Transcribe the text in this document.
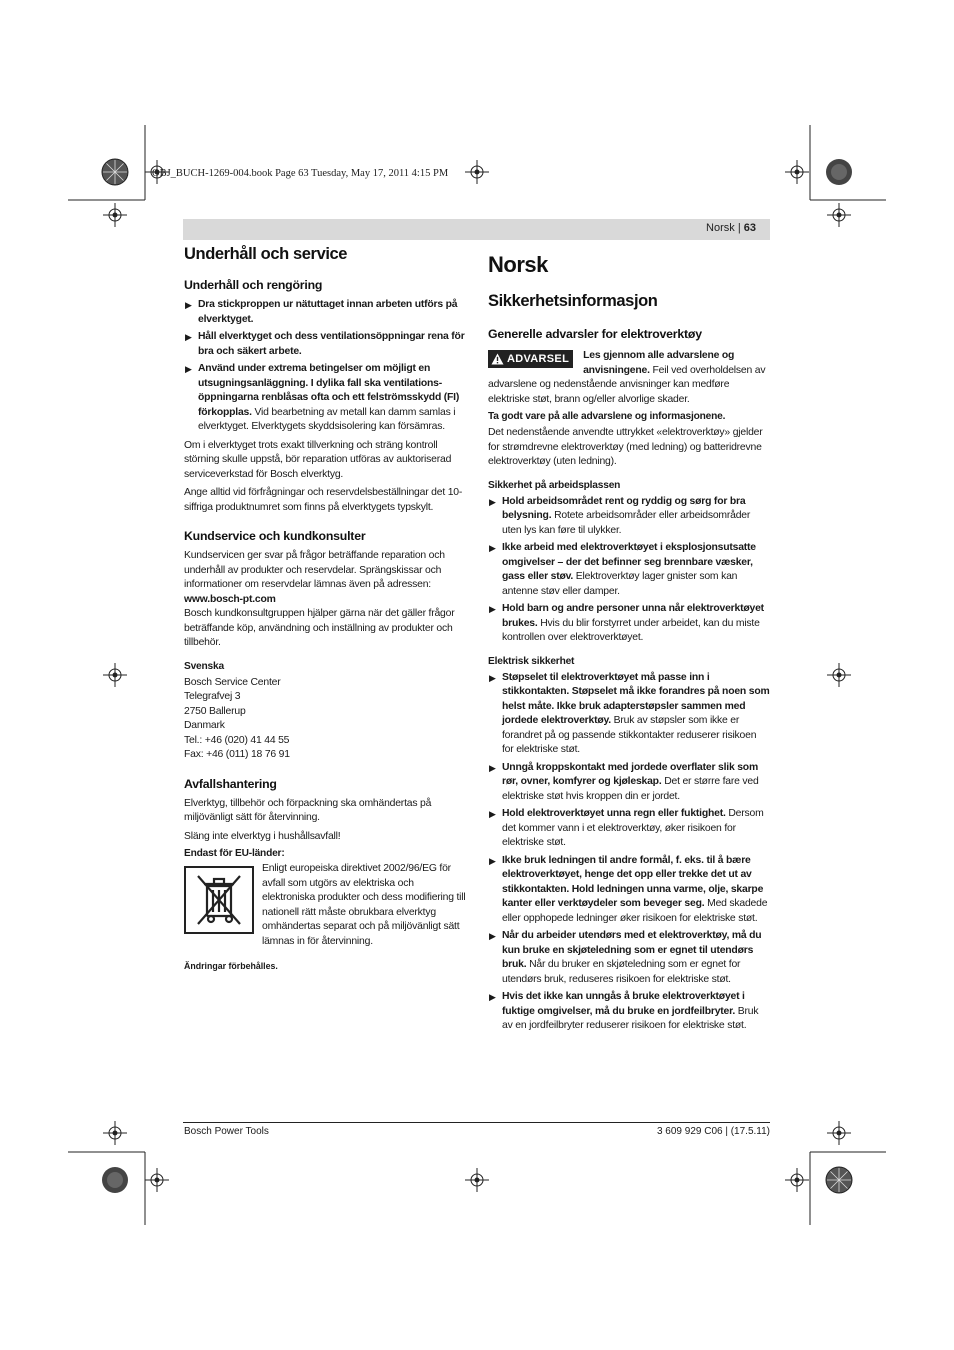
OBJ_BUCH-1269-004.book Page 63 Tuesday, May 17, 2011 4:15 PM
Norsk | 63
Underhåll och service
Underhåll och rengöring

▶ Dra stickproppen ur nätuttaget innan arbeten utförs på elverktyget.

▶ Håll elverktyget och dess ventilationsöppningar rena för bra och säkert arbete.

▶ Använd under extrema betingelser om möjligt en utsugningsanläggning. I dylika fall ska ventilations-öppningarna renblåsas ofta och ett felströmsskydd (FI) förkopplas. Vid bearbetning av metall kan damm samlas i elverktyget. Elverktygets skyddsisolering kan försämras.

Om i elverktyget trots exakt tillverkning och sträng kontroll störning skulle uppstå, bör reparation utföras av auktoriserad serviceverkstad för Bosch elverktyg.

Ange alltid vid förfrågningar och reservdelsbeställningar det 10-siffriga produktnumret som finns på elverktygets typskylt.

Kundservice och kundkonsulter

Kundservicen ger svar på frågor beträffande reparation och underhåll av produkter och reservdelar. Sprängskissar och informationer om reservdelar lämnas även på adressen:

www.bosch-pt.com

Bosch kundkonsultgruppen hjälper gärna när det gäller frågor beträffande köp, användning och inställning av produkter och tillbehör.

Svenska

Bosch Service Center

Telegrafvej 3

2750 Ballerup

Danmark

Tel.: +46 (020) 41 44 55

Fax: +46 (011) 18 76 91

Avfallshantering

Elverktyg, tillbehör och förpackning ska omhändertas på miljövänligt sätt för återvinning.

Släng inte elverktyg i hushållsavfall!

Endast för EU-länder:

Enligt europeiska direktivet 2002/96/EG för avfall som utgörs av elektriska och elektroniska produkter och dess modifiering till nationell rätt måste obrukbara elverktyg omhändertas separat och på miljövänligt sätt lämnas in för återvinning.

Ändringar förbehålles.

Norsk
Sikkerhetsinformasjon
Generelle advarsler for elektroverktøy
ADVARSEL	Les gjennom alle advarslene og anvisningene. Feil ved overholdelsen av advarslene og nedenstående anvisninger kan medføre elektriske støt, brann og/eller alvorlige skader.

Ta godt vare på alle advarslene og informasjonene.

Det nedenstående anvendte uttrykket «elektroverktøy» gjelder for strømdrevne elektroverktøy (med ledning) og batteridrevne elektroverktøy (uten ledning).

Sikkerhet på arbeidsplassen

▶ Hold arbeidsområdet rent og ryddig og sørg for bra belysning. Rotete arbeidsområder eller arbeidsområder uten lys kan føre til ulykker.

▶ Ikke arbeid med elektroverktøyet i eksplosjonsutsatte omgivelser – der det befinner seg brennbare væsker, gass eller støv. Elektroverktøy lager gnister som kan antenne støv eller damper.

▶ Hold barn og andre personer unna når elektroverktøyet brukes. Hvis du blir forstyrret under arbeidet, kan du miste kontrollen over elektroverktøyet.

Elektrisk sikkerhet

▶ Støpselet til elektroverktøyet må passe inn i stikkontakten. Støpselet må ikke forandres på noen som helst måte. Ikke bruk adapterstøpsler sammen med jordede elektroverktøy. Bruk av støpsler som ikke er forandret på og passende stikkontakter reduserer risikoen for elektriske støt.

▶ Unngå kroppskontakt med jordede overflater slik som rør, ovner, komfyrer og kjøleskap. Det er større fare ved elektriske støt hvis kroppen din er jordet.

▶ Hold elektroverktøyet unna regn eller fuktighet. Dersom det kommer vann i et elektroverktøy, øker risikoen for elektriske støt.

▶ Ikke bruk ledningen til andre formål, f. eks. til å bære elektroverktøyet, henge det opp eller trekke det ut av stikkontakten. Hold ledningen unna varme, olje, skarpe kanter eller verktøydeler som beveger seg. Med skadede eller opphopede ledninger øker risikoen for elektriske støt.

▶ Når du arbeider utendørs med et elektroverktøy, må du kun bruke en skjøteledning som er egnet til utendørs bruk. Når du bruker en skjøteledning som er egnet for utendørs bruk, reduseres risikoen for elektriske støt.

▶ Hvis det ikke kan unngås å bruke elektroverktøyet i fuktige omgivelser, må du bruke en jordfeilbryter. Bruk av en jordfeilbryter reduserer risikoen for elektriske støt.

Bosch Power Tools	3 609 929 C06 | (17.5.11)
